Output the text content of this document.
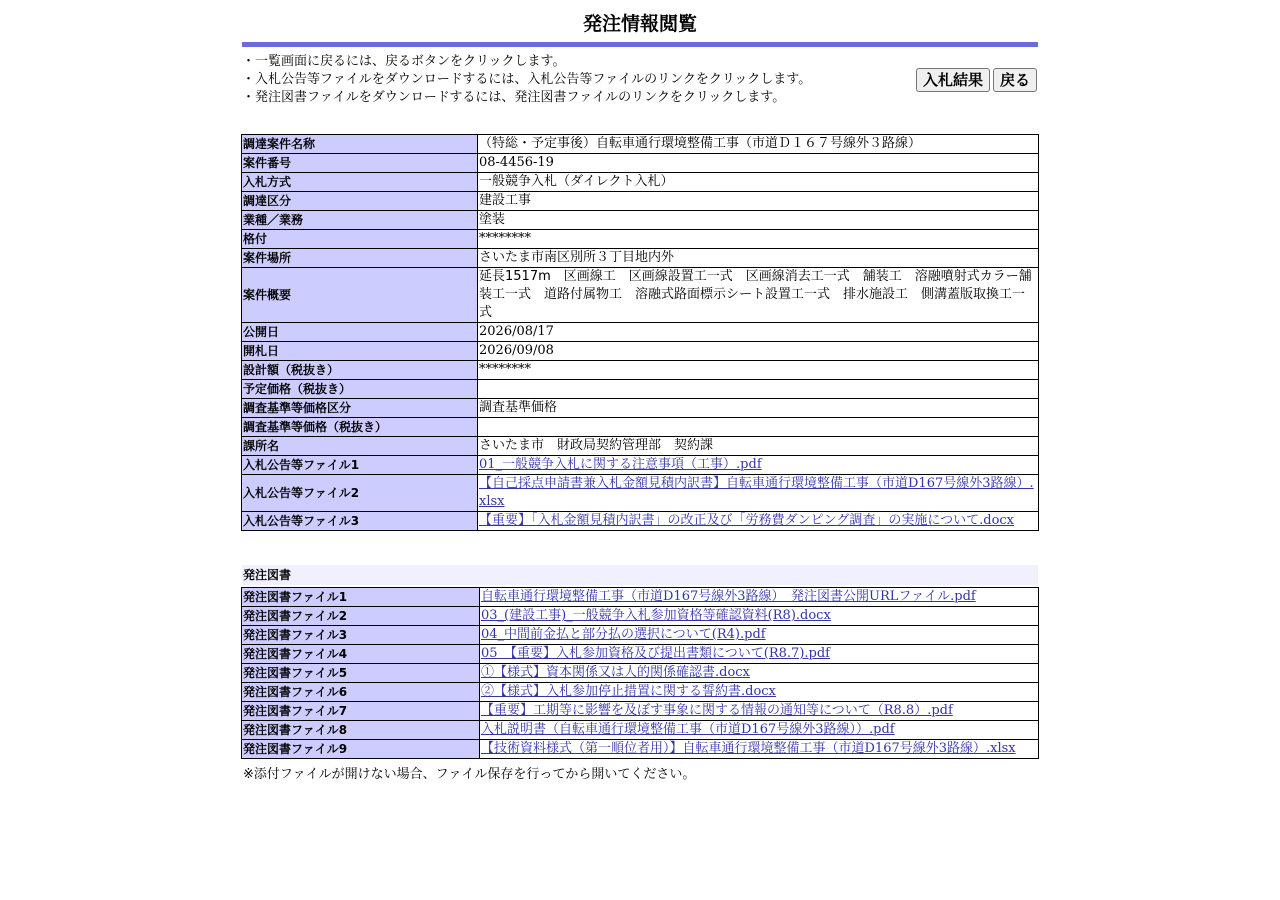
発注情報閲覧
・一覧画面に戻るには、戻るボタンをクリックします。
・入札公告等ファイルをダウンロードするには、入札公告等ファイルのリンクをクリックします。
・発注図書ファイルをダウンロードするには、発注図書ファイルのリンクをクリックします。
入札結果 戻る
調達案件名称	（特総・予定事後）自転車通行環境整備工事（市道Ｄ１６７号線外３路線）
案件番号	08-4456-19
入札方式	一般競争入札（ダイレクト入札）
調達区分	建設工事
業種／業務	塗装
格付	********
案件場所	さいたま市南区別所３丁目地内外
案件概要	延長1517m　区画線工　区画線設置工一式　区画線消去工一式　舗装工　溶融噴射式カラー舗装工一式　道路付属物工　溶融式路面標示シート設置工一式　排水施設工　側溝蓋版取換工一式
公開日	2026/08/17
開札日	2026/09/08
設計額（税抜き）	********
予定価格（税抜き）	
調査基準等価格区分	調査基準価格
調査基準等価格（税抜き）	
課所名	さいたま市　財政局契約管理部　契約課
入札公告等ファイル1	01_一般競争入札に関する注意事項（工事）.pdf
入札公告等ファイル2	【自己採点申請書兼入札金額見積内訳書】自転車通行環境整備工事（市道D167号線外3路線）.xlsx
入札公告等ファイル3	【重要】「入札金額見積内訳書」の改正及び「労務費ダンピング調査」の実施について.docx
発注図書
発注図書ファイル1	自転車通行環境整備工事（市道D167号線外3路線）　発注図書公開URLファイル.pdf
発注図書ファイル2	03_(建設工事)_一般競争入札参加資格等確認資料(R8).docx
発注図書ファイル3	04_中間前金払と部分払の選択について(R4).pdf
発注図書ファイル4	05　【重要】入札参加資格及び提出書類について(R8.7).pdf
発注図書ファイル5	①【様式】資本関係又は人的関係確認書.docx
発注図書ファイル6	②【様式】入札参加停止措置に関する誓約書.docx
発注図書ファイル7	【重要】工期等に影響を及ぼす事象に関する情報の通知等について（R8.8）.pdf
発注図書ファイル8	入札説明書（自転車通行環境整備工事（市道D167号線外3路線））.pdf
発注図書ファイル9	【技術資料様式（第一順位者用）】自転車通行環境整備工事（市道D167号線外3路線）.xlsx
※添付ファイルが開けない場合、ファイル保存を行ってから開いてください。
